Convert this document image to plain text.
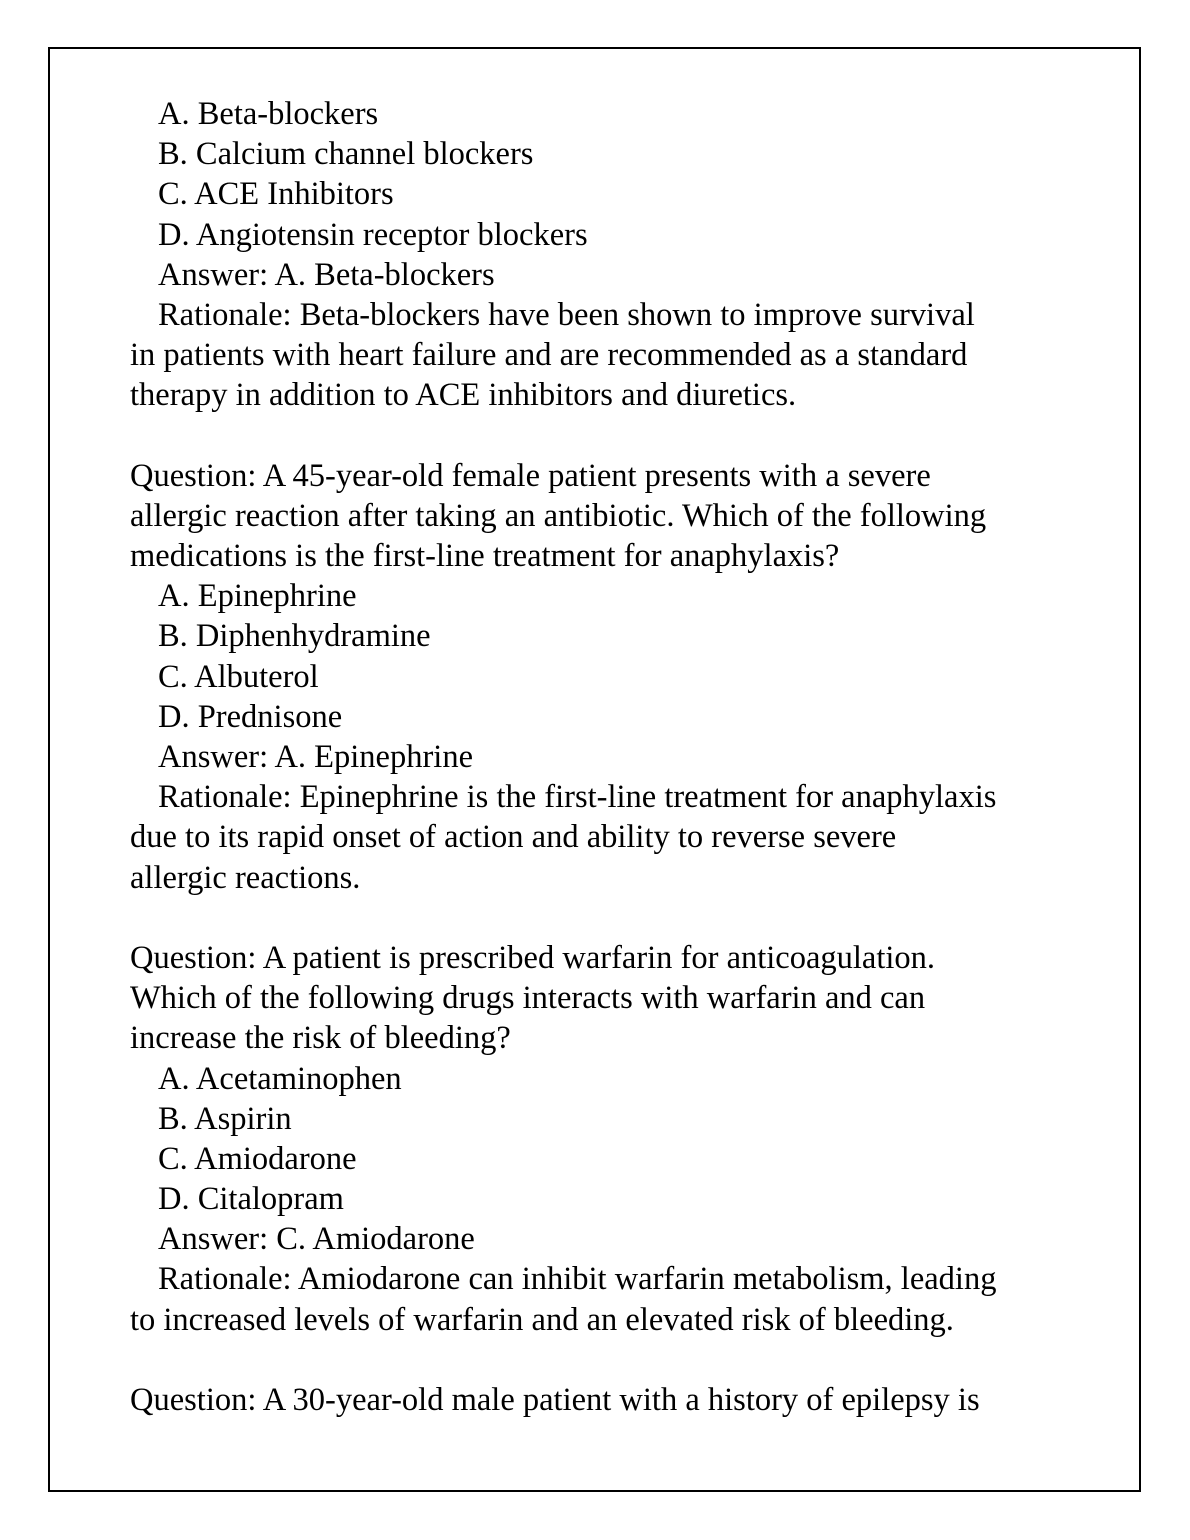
A. Beta-blockers
B. Calcium channel blockers
C. ACE Inhibitors
D. Angiotensin receptor blockers
Answer: A. Beta-blockers
Rationale: Beta-blockers have been shown to improve survival
in patients with heart failure and are recommended as a standard
therapy in addition to ACE inhibitors and diuretics.
Question: A 45-year-old female patient presents with a severe
allergic reaction after taking an antibiotic. Which of the following
medications is the first-line treatment for anaphylaxis?
A. Epinephrine
B. Diphenhydramine
C. Albuterol
D. Prednisone
Answer: A. Epinephrine
Rationale: Epinephrine is the first-line treatment for anaphylaxis
due to its rapid onset of action and ability to reverse severe
allergic reactions.
Question: A patient is prescribed warfarin for anticoagulation.
Which of the following drugs interacts with warfarin and can
increase the risk of bleeding?
A. Acetaminophen
B. Aspirin
C. Amiodarone
D. Citalopram
Answer: C. Amiodarone
Rationale: Amiodarone can inhibit warfarin metabolism, leading
to increased levels of warfarin and an elevated risk of bleeding.
Question: A 30-year-old male patient with a history of epilepsy is
